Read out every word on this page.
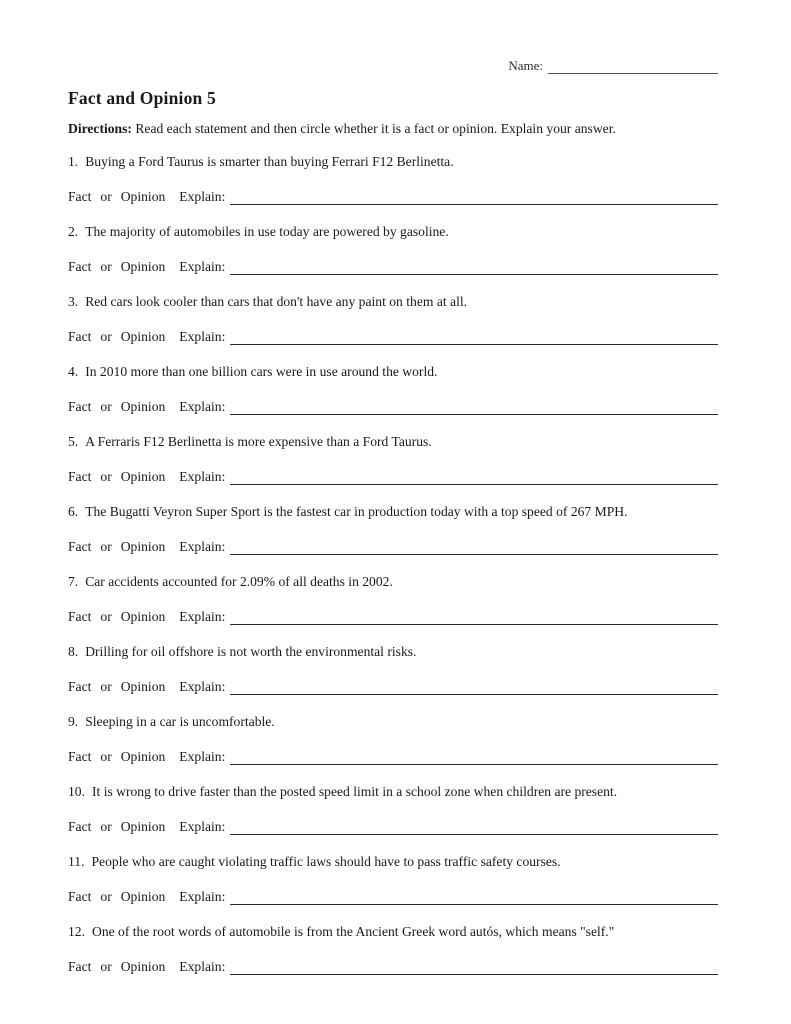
Name:
Fact and Opinion 5

Directions: Read each statement and then circle whether it is a fact or opinion. Explain your answer.

1. Buying a Ford Taurus is smarter than buying Ferrari F12 Berlinetta.

Fact or Opinion Explain:

2. The majority of automobiles in use today are powered by gasoline.

Fact or Opinion Explain:

3. Red cars look cooler than cars that don't have any paint on them at all.

Fact or Opinion Explain:

4. In 2010 more than one billion cars were in use around the world.

Fact or Opinion Explain:

5. A Ferraris F12 Berlinetta is more expensive than a Ford Taurus.

Fact or Opinion Explain:

6. The Bugatti Veyron Super Sport is the fastest car in production today with a top speed of 267 MPH.

Fact or Opinion Explain:

7. Car accidents accounted for 2.09% of all deaths in 2002.

Fact or Opinion Explain:

8. Drilling for oil offshore is not worth the environmental risks.

Fact or Opinion Explain:

9. Sleeping in a car is uncomfortable.

Fact or Opinion Explain:

10. It is wrong to drive faster than the posted speed limit in a school zone when children are present.

Fact or Opinion Explain:

11. People who are caught violating traffic laws should have to pass traffic safety courses.

Fact or Opinion Explain:

12. One of the root words of automobile is from the Ancient Greek word autós, which means "self."

Fact or Opinion Explain:
